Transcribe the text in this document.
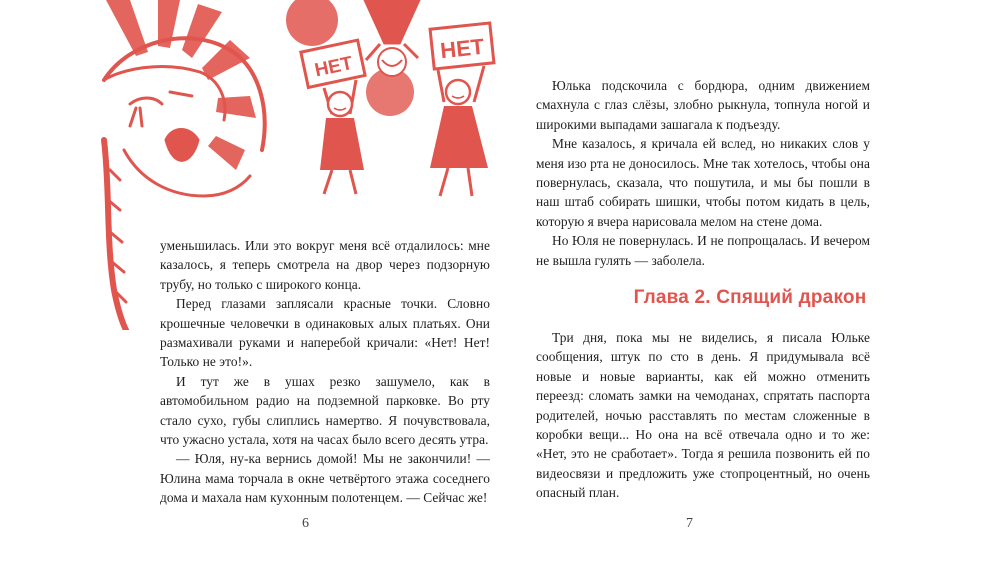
НЕТ
НЕТ

уменьшилась. Или это вокруг меня всё отдалилось: мне казалось, я теперь смотрела на двор через подзорную трубу, но только с широкого конца.

Перед глазами заплясали красные точки. Словно крошечные человечки в одинаковых алых платьях. Они размахивали руками и наперебой кричали: «Нет! Нет! Только не это!».

И тут же в ушах резко зашумело, как в автомобильном радио на подземной парковке. Во рту стало сухо, губы слиплись намертво. Я почувствовала, что ужасно устала, хотя на часах было всего десять утра.

— Юля, ну-ка вернись домой! Мы не закончили! — Юлина мама торчала в окне четвёртого этажа соседнего дома и махала нам кухонным полотенцем. — Сейчас же!

6

Юлька подскочила с бордюра, одним движением смахнула с глаз слёзы, злобно рыкнула, топнула ногой и широкими выпадами зашагала к подъезду.

Мне казалось, я кричала ей вслед, но никаких слов у меня изо рта не доносилось. Мне так хотелось, чтобы она повернулась, сказала, что пошутила, и мы бы пошли в наш штаб собирать шишки, чтобы потом кидать в цель, которую я вчера нарисовала мелом на стене дома.

Но Юля не повернулась. И не попрощалась. И вечером не вышла гулять — заболела.

Глава 2. Спящий дракон

Три дня, пока мы не виделись, я писала Юльке сообщения, штук по сто в день. Я придумывала всё новые и новые варианты, как ей можно отменить переезд: сломать замки на чемоданах, спрятать паспорта родителей, ночью расставлять по местам сложенные в коробки вещи... Но она на всё отвечала одно и то же: «Нет, это не сработает». Тогда я решила позвонить ей по видеосвязи и предложить уже стопроцентный, но очень опасный план.

7
